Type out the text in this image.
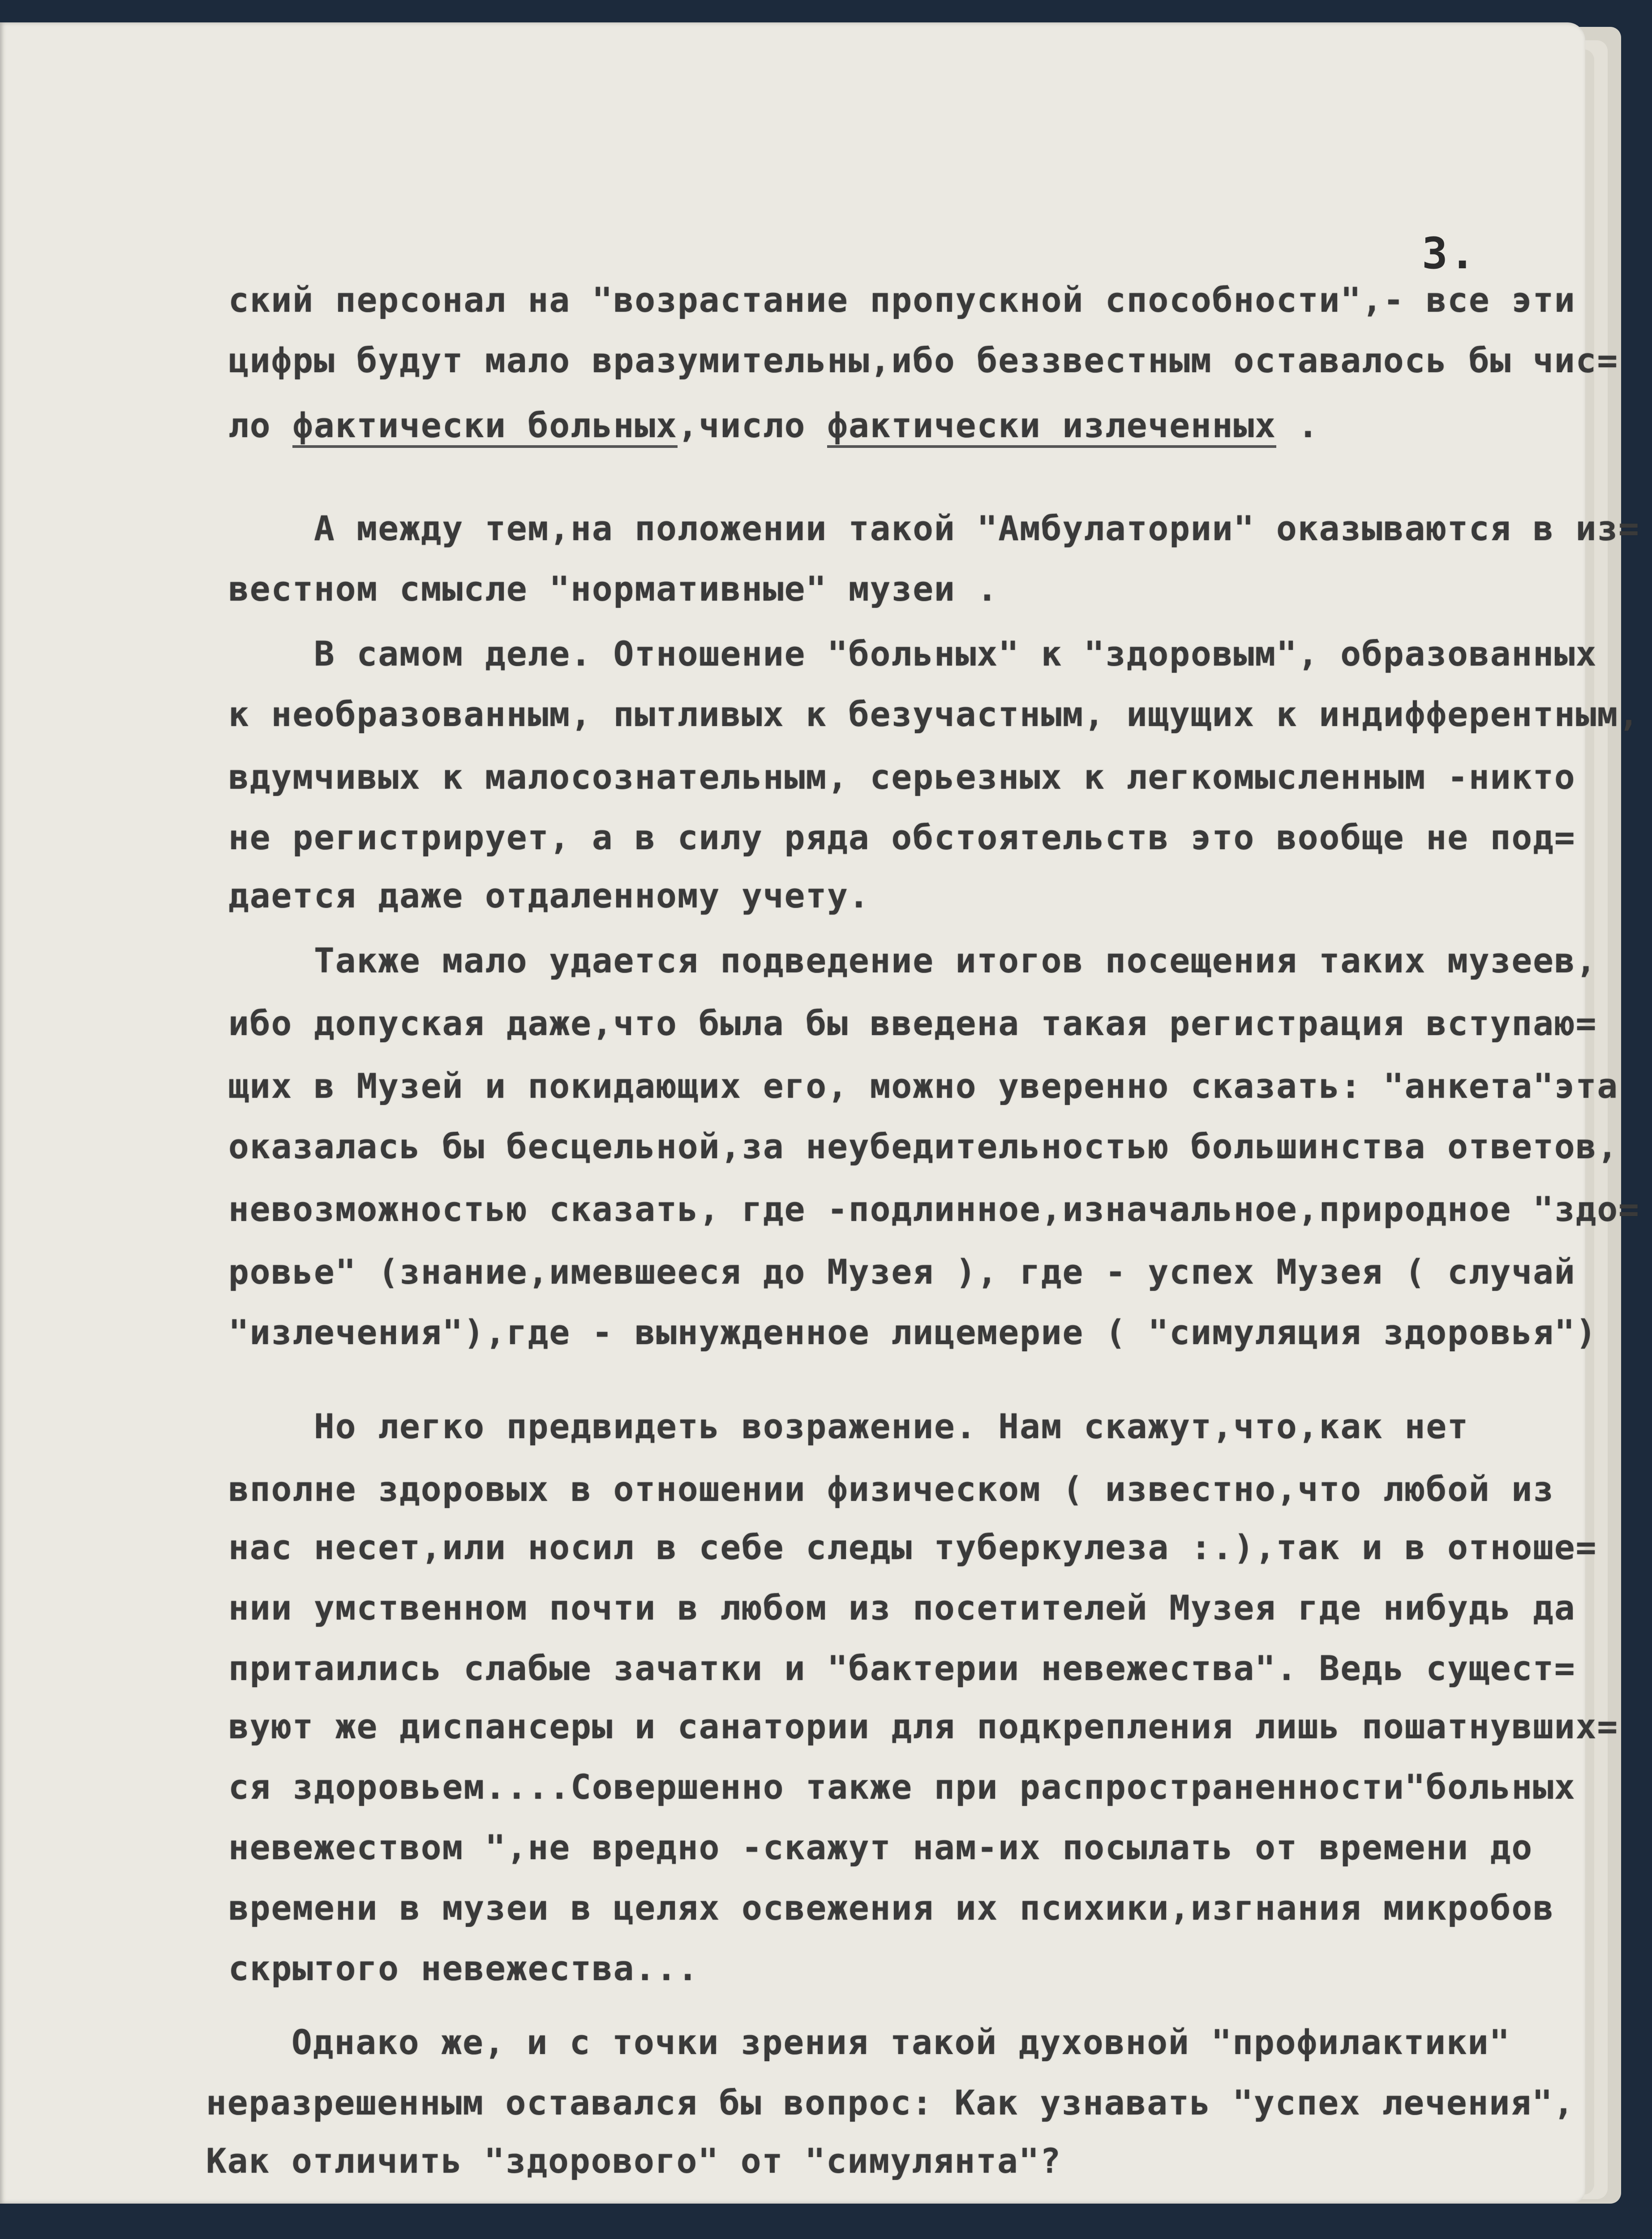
3.
ский персонал на "возрастание пропускной способности",- все эти
цифры будут мало вразумительны,ибо беззвестным оставалось бы чис=
ло фактически больных,число фактически излеченных .
А между тем,на положении такой "Амбулатории" оказываются в из=
вестном смысле "нормативные" музеи .
В самом деле. Отношение "больных" к "здоровым", образованных
к необразованным, пытливых к безучастным, ищущих к индифферентным,
вдумчивых к малосознательным, серьезных к легкомысленным -никто
не регистрирует, а в силу ряда обстоятельств это вообще не под=
дается даже отдаленному учету.
Также мало удается подведение итогов посещения таких музеев,
ибо допуская даже,что была бы введена такая регистрация вступаю=
щих в Музей и покидающих его, можно уверенно сказать: "анкета"эта
оказалась бы бесцельной,за неубедительностью большинства ответов,
невозможностью сказать, где -подлинное,изначальное,природное "здо=
ровье" (знание,имевшееся до Музея ), где - успех Музея ( случай
"излечения"),где - вынужденное лицемерие ( "симуляция здоровья")
Но легко предвидеть возражение. Нам скажут,что,как нет
вполне здоровых в отношении физическом ( известно,что любой из
нас несет,или носил в себе следы туберкулеза :.),так и в отноше=
нии умственном почти в любом из посетителей Музея где нибудь да
притаились слабые зачатки и "бактерии невежества". Ведь сущест=
вуют же диспансеры и санатории для подкрепления лишь пошатнувших=
ся здоровьем....Совершенно также при распространенности"больных
невежеством ",не вредно -скажут нам-их посылать от времени до
времени в музеи в целях освежения их психики,изгнания микробов
скрытого невежества...
Однако же, и с точки зрения такой духовной "профилактики"
неразрешенным оставался бы вопрос: Как узнавать "успех лечения",
Как отличить "здорового" от "симулянта"?
